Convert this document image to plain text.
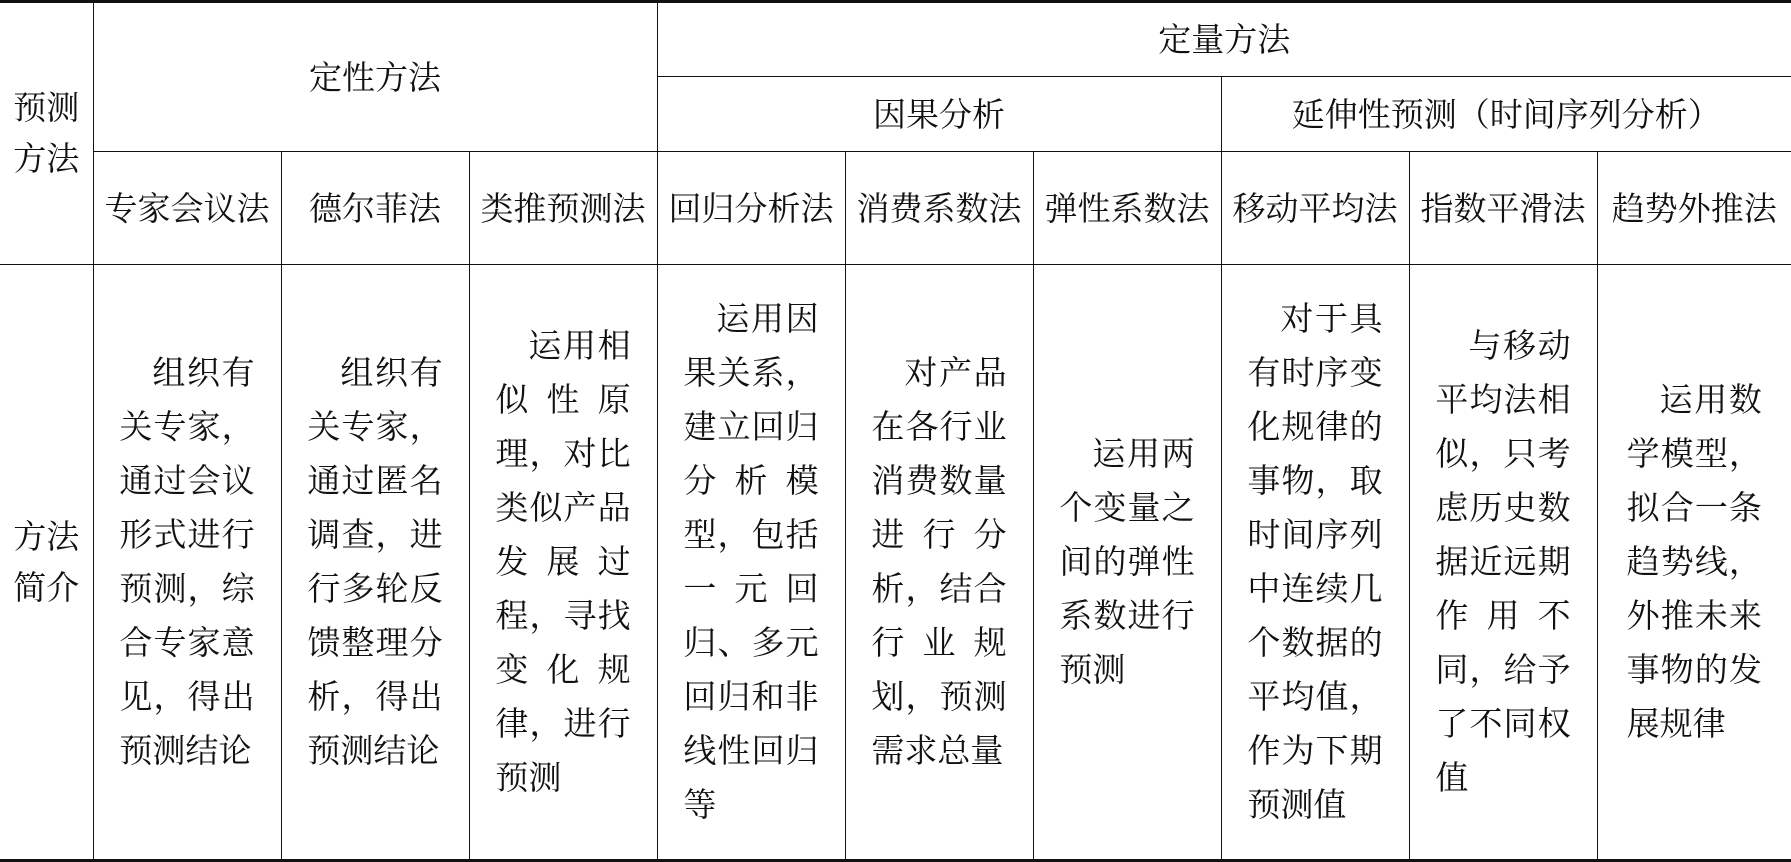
预测方法	定性方法			定量方法					
				因果分析			延伸性预测（时间序列分析）		
	专家会议法	德尔菲法	类推预测法	回归分析法	消费系数法	弹性系数法	移动平均法	指数平滑法	趋势外推法
方法简介	组织有关专家，通过会议形式进行预测，综合专家意见，得出预测结论	组织有关专家，通过匿名调查，进行多轮反馈整理分析，得出预测结论	运用相似性原理，对比类似产品发展过程，寻找变化规律，进行预测	运用因果关系，建立回归分析模型，包括一元回归、多元回归和非线性回归等	对产品在各行业消费数量进行分析，结合行业规划，预测需求总量	运用两个变量之间的弹性系数进行预测	对于具有时序变化规律的事物，取时间序列中连续几个数据的平均值，作为下期预测值	与移动平均法相似，只考虑历史数据近远期作用不同，给予了不同权值	运用数学模型，拟合一条趋势线，外推未来事物的发展规律
